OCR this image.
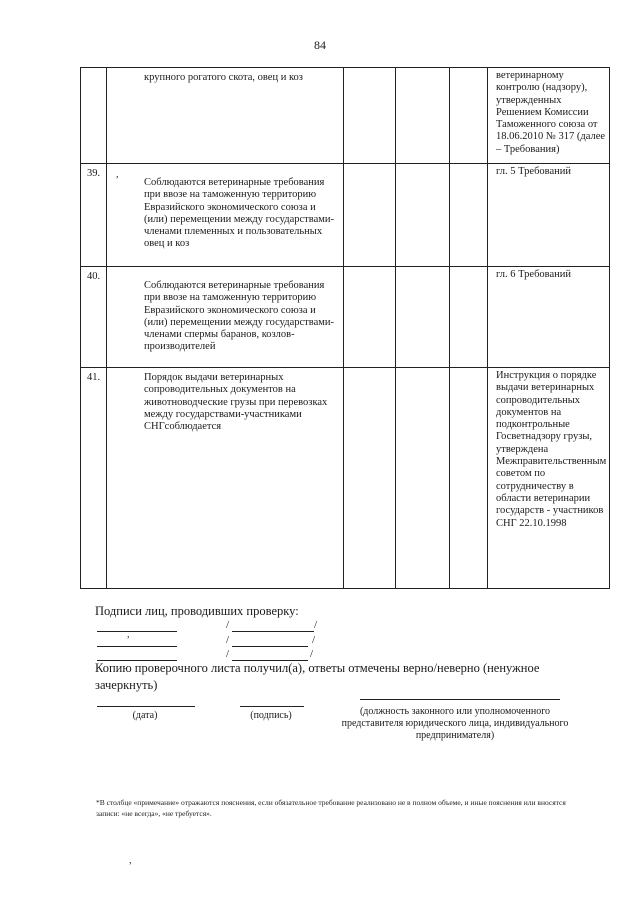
84
	крупного рогатого скота, овец и коз				ветеринарному контролю (надзору), утвержденных Решением Комиссии Таможенного союза от 18.06.2010 № 317 (далее – Требования)

39.	Соблюдаются ветеринарные требования при ввозе на таможенную территорию Евразийского экономического союза и (или) перемещении между государствами-членами племенных и пользовательных овец и коз				гл. 5 Требований

40.	Соблюдаются ветеринарные требования при ввозе на таможенную территорию Евразийского экономического союза и (или) перемещении между государствами-членами спермы баранов, козлов-производителей				гл. 6 Требований

41.	Порядок выдачи ветеринарных сопроводительных документов на животноводческие грузы при перевозках между государствами-участниками СНГсоблюдается				Инструкция о порядке выдачи ветеринарных сопроводительных документов на подконтрольные Госветнадзору грузы, утверждена Межправительственным советом по сотрудничеству в области ветеринарии государств - участников СНГ 22.10.1998
Подписи лиц, проводивших проверку:
/	/
/	/
/	/
Копию проверочного листа получил(а), ответы отмечены верно/неверно (ненужное зачеркнуть)
(дата)	(подпись)	(должность законного или уполномоченного представителя юридического лица, индивидуального предпринимателя)
*В столбце «примечание» отражаются пояснения, если обязательное требование реализовано не в полном объеме, и иные пояснения или вносятся записи: «не всегда», «не требуется».
,
,
,
